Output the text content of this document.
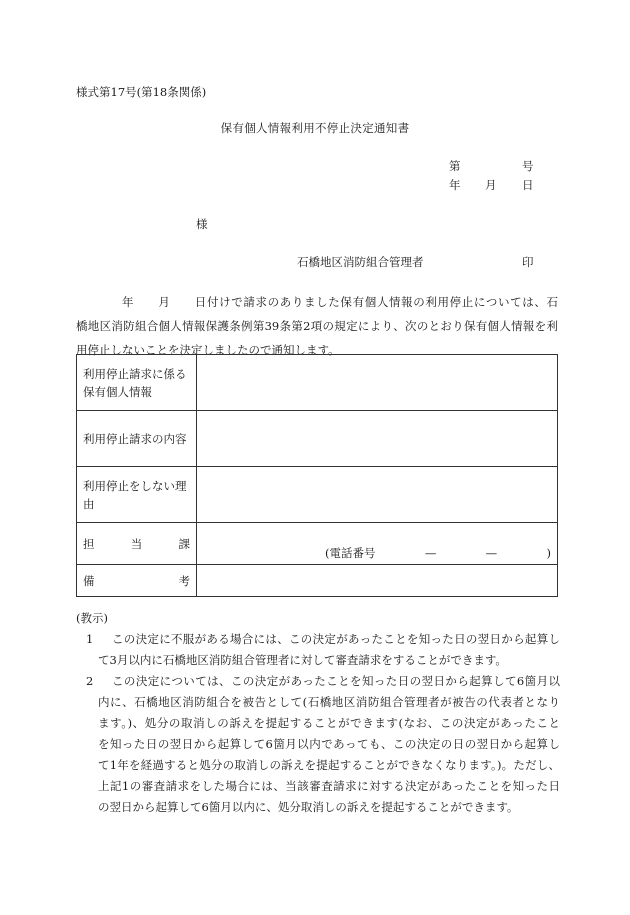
様式第17号(第18条関係)
保有個人情報利用不停止決定通知書
第	号
年 月 日
様
石橋地区消防組合管理者	印
年　　月　　日付けで請求のありました保有個人情報の利用停止については、石
橋地区消防組合個人情報保護条例第39条第2項の規定により、次のとおり保有個人情報を利
用停止しないことを決定しましたので通知します。
利用停止請求に係る
保有個人情報	

利用停止請求の内容	

利用停止をしない理
由	

担 当 課	(電話番号 — — )

備 考	

(教示)
1	この決定に不服がある場合には、この決定があったことを知った日の翌日から起算し
て3月以内に石橋地区消防組合管理者に対して審査請求をすることができます。
2	この決定については、この決定があったことを知った日の翌日から起算して6箇月以
内に、石橋地区消防組合を被告として(石橋地区消防組合管理者が被告の代表者となり
ます。)、処分の取消しの訴えを提起することができます(なお、この決定があったこと
を知った日の翌日から起算して6箇月以内であっても、この決定の日の翌日から起算し
て1年を経過すると処分の取消しの訴えを提起することができなくなります。)。ただし、
上記1の審査請求をした場合には、当該審査請求に対する決定があったことを知った日
の翌日から起算して6箇月以内に、処分取消しの訴えを提起することができます。
